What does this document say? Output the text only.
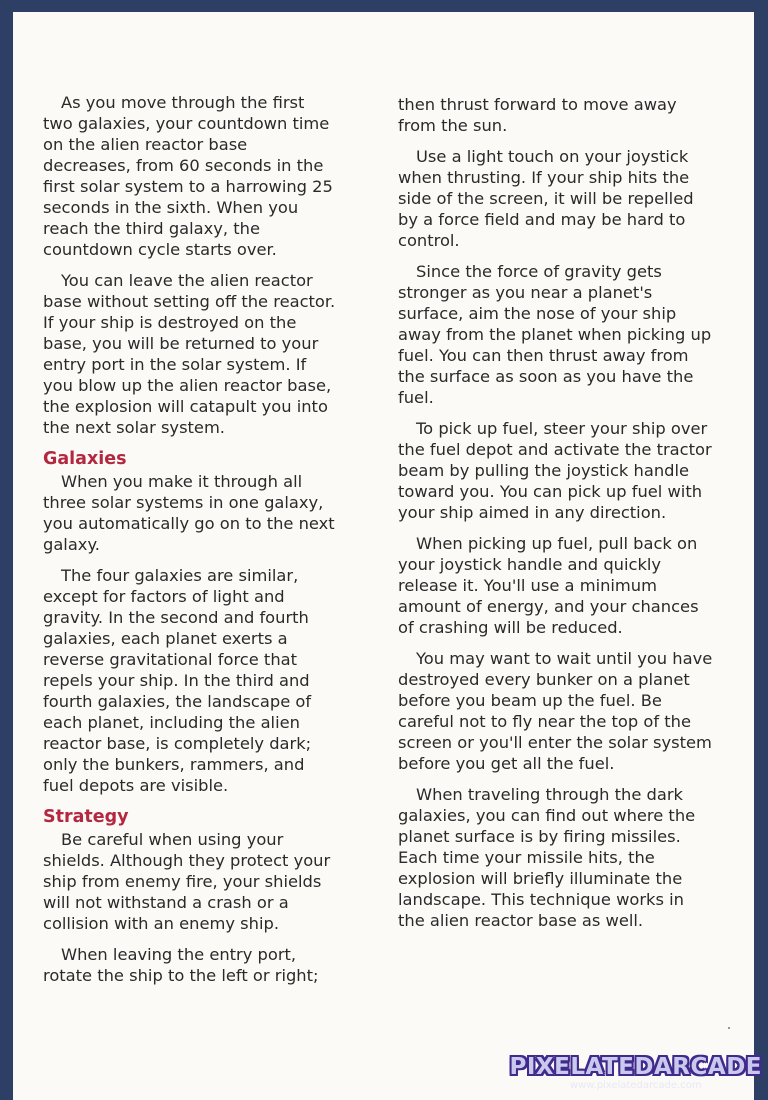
As you move through the first two galaxies, your countdown time on the alien reactor base decreases, from 60 seconds in the first solar system to a harrowing 25 seconds in the sixth. When you reach the third galaxy, the countdown cycle starts over.

You can leave the alien reactor base without setting off the reactor. If your ship is destroyed on the base, you will be returned to your entry port in the solar system. If you blow up the alien reactor base, the explosion will catapult you into the next solar system.

Galaxies

When you make it through all three solar systems in one galaxy, you automatically go on to the next galaxy.

The four galaxies are similar, except for factors of light and gravity. In the second and fourth galaxies, each planet exerts a reverse gravitational force that repels your ship. In the third and fourth galaxies, the landscape of each planet, including the alien reactor base, is completely dark; only the bunkers, rammers, and fuel depots are visible.

Strategy

Be careful when using your shields. Although they protect your ship from enemy fire, your shields will not withstand a crash or a collision with an enemy ship.

When leaving the entry port, rotate the ship to the left or right;

then thrust forward to move away from the sun.

Use a light touch on your joystick when thrusting. If your ship hits the side of the screen, it will be repelled by a force field and may be hard to control.

Since the force of gravity gets stronger as you near a planet's surface, aim the nose of your ship away from the planet when picking up fuel. You can then thrust away from the surface as soon as you have the fuel.

To pick up fuel, steer your ship over the fuel depot and activate the tractor beam by pulling the joystick handle toward you. You can pick up fuel with your ship aimed in any direction.

When picking up fuel, pull back on your joystick handle and quickly release it. You'll use a minimum amount of energy, and your chances of crashing will be reduced.

You may want to wait until you have destroyed every bunker on a planet before you beam up the fuel. Be careful not to fly near the top of the screen or you'll enter the solar system before you get all the fuel.

When traveling through the dark galaxies, you can find out where the planet surface is by firing missiles. Each time your missile hits, the explosion will briefly illuminate the landscape. This technique works in the alien reactor base as well.

PIXELATEDARCADE
www.pixelatedarcade.com
